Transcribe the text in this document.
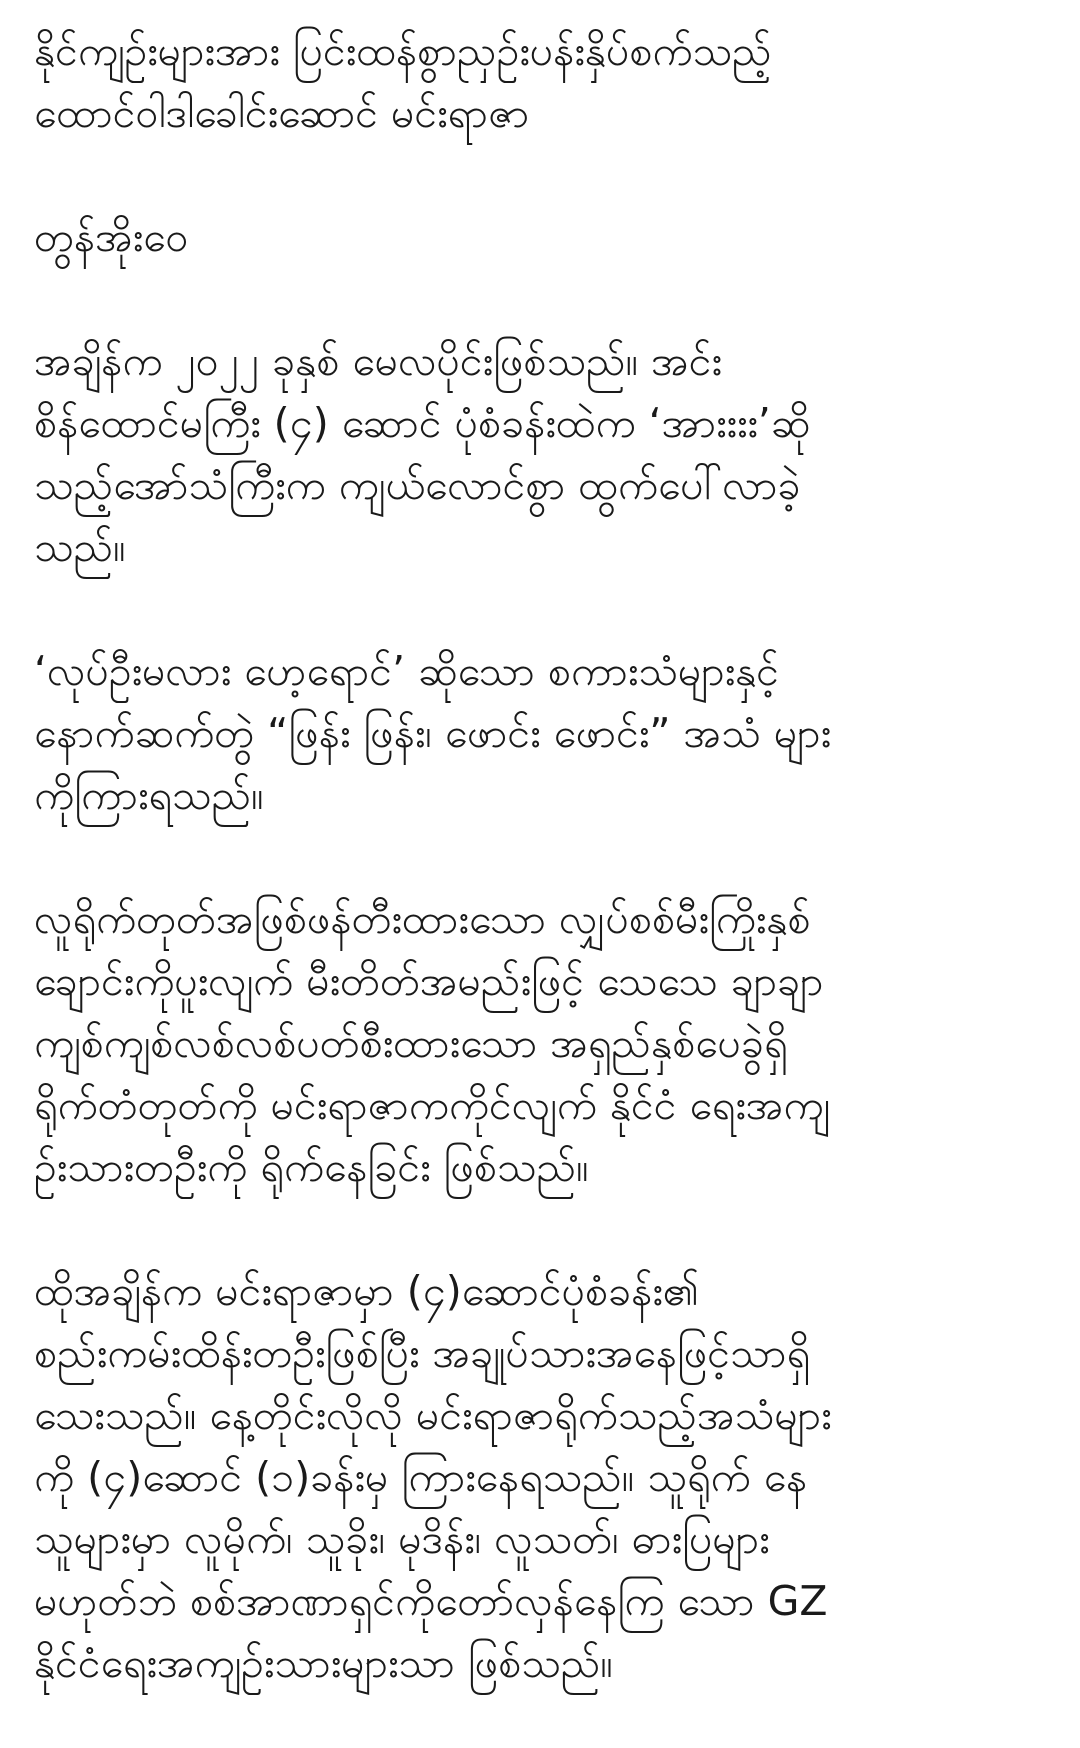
နိုင်ကျဉ်းများအား ပြင်းထန်စွာညှဉ်းပန်းနှိပ်စက်သည့်
ထောင်ဝါဒါခေါင်းဆောင် မင်းရာဇာ

တွန်အိုးဝေ

အချိန်က ၂၀၂၂ ခုနှစ် မေလပိုင်းဖြစ်သည်။ အင်း
စိန်ထောင်မကြီး (၄) ဆောင် ပုံစံခန်းထဲက ‘အားးးး’ဆို
သည့်အော်သံကြီးက ကျယ်လောင်စွာ ထွက်ပေါ်လာခဲ့
သည်။

‘လုပ်ဦးမလား ဟေ့ရောင်’ ဆိုသော စကားသံများနှင့်
နောက်ဆက်တွဲ “ဖြန်း ဖြန်း၊ ဖောင်း ဖောင်း” အသံ များ
ကိုကြားရသည်။

လူရိုက်တုတ်အဖြစ်ဖန်တီးထားသော လျှပ်စစ်မီးကြိုးနှစ်
ချောင်းကိုပူးလျက် မီးတိတ်အမည်းဖြင့် သေသေ ချာချာ
ကျစ်ကျစ်လစ်လစ်ပတ်စီးထားသော အရှည်နှစ်ပေခွဲရှိ
ရိုက်တံတုတ်ကို မင်းရာဇာကကိုင်လျက် နိုင်ငံ ရေးအကျ
ဉ်းသားတဦးကို ရိုက်နေခြင်း ဖြစ်သည်။

ထိုအချိန်က မင်းရာဇာမှာ (၄)ဆောင်ပုံစံခန်း၏
စည်းကမ်းထိန်းတဦးဖြစ်ပြီး အချုပ်သားအနေဖြင့်သာရှိ
သေးသည်။ နေ့တိုင်းလိုလို မင်းရာဇာရိုက်သည့်အသံများ
ကို (၄)ဆောင် (၁)ခန်းမှ ကြားနေရသည်။ သူရိုက် နေ
သူများမှာ လူမိုက်၊ သူခိုး၊ မုဒိန်း၊ လူသတ်၊ ဓားပြများ
မဟုတ်ဘဲ စစ်အာဏာရှင်ကိုတော်လှန်နေကြ သော GZ
နိုင်ငံရေးအကျဉ်းသားများသာ ဖြစ်သည်။
